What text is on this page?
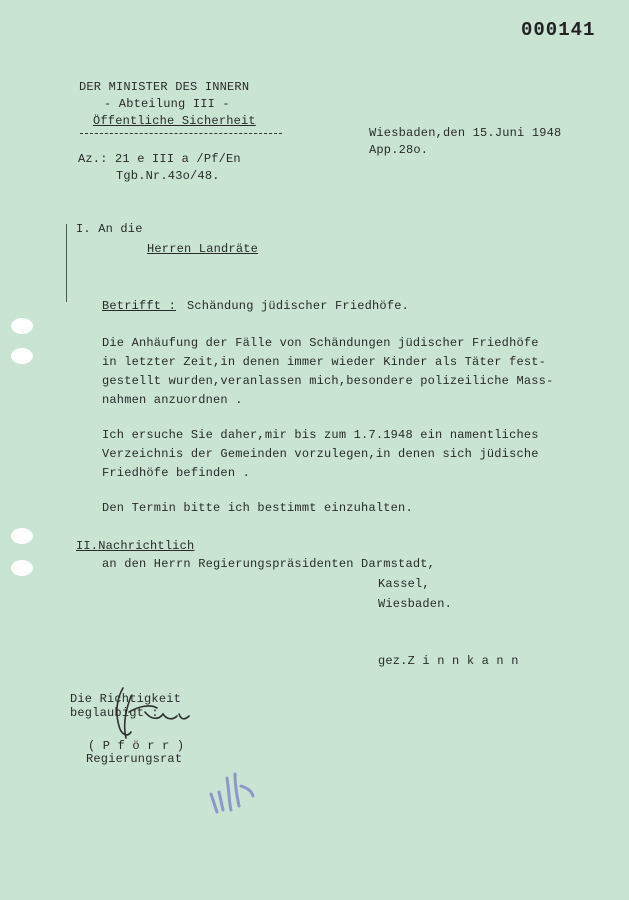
000141
DER MINISTER DES INNERN
- Abteilung III -
Öffentliche Sicherheit
Wiesbaden,den 15.Juni 1948
App.28o.
Az.: 21 e III a /Pf/En
Tgb.Nr.43o/48.
I. An die
Herren Landräte
Betrifft : Schändung jüdischer Friedhöfe.
Die Anhäufung der Fälle von Schändungen jüdischer Friedhöfe
in letzter Zeit,in denen immer wieder Kinder als Täter fest-
gestellt wurden,veranlassen mich,besondere polizeiliche Mass-
nahmen anzuordnen .
Ich ersuche Sie daher,mir bis zum 1.7.1948 ein namentliches
Verzeichnis der Gemeinden vorzulegen,in denen sich jüdische
Friedhöfe befinden .
Den Termin bitte ich bestimmt einzuhalten.
II.Nachrichtlich
an den Herrn Regierungspräsidenten Darmstadt,
Kassel,
Wiesbaden.
gez.Z i n n k a n n
Die Richtigkeit
beglaubigt :
( P f ö r r )
Regierungsrat
